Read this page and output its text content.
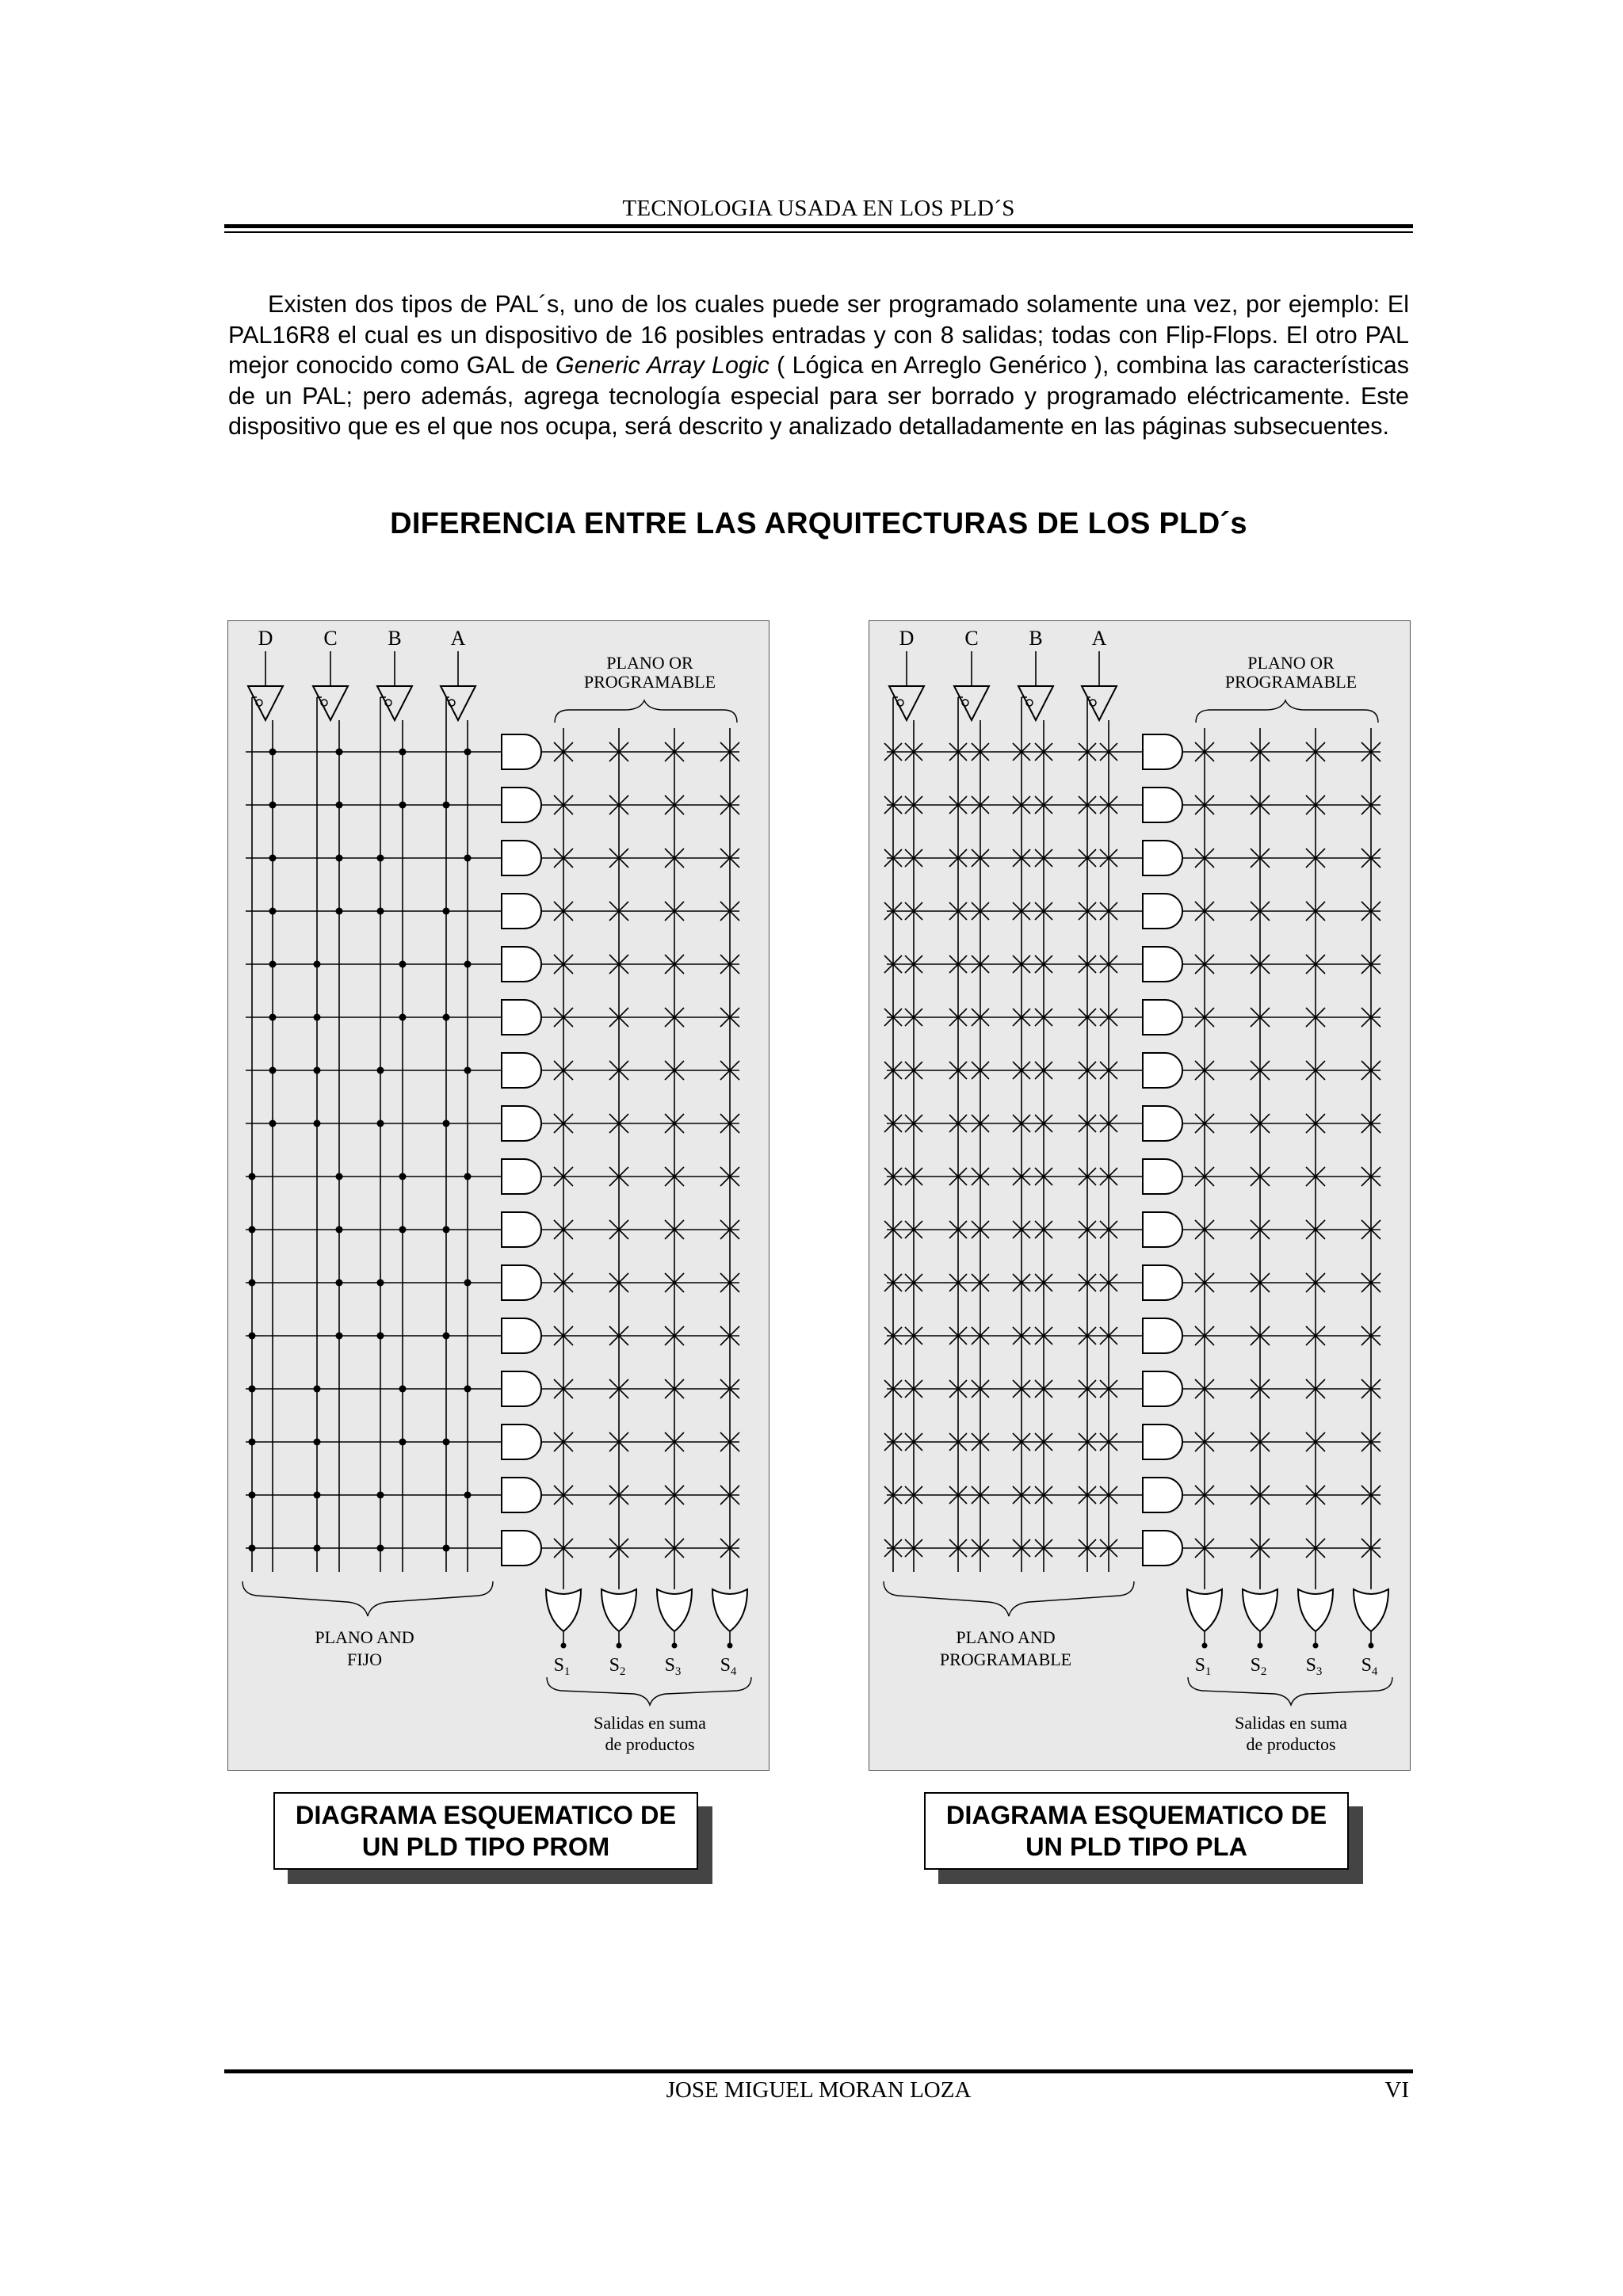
TECNOLOGIA USADA EN LOS PLD´S

Existen dos tipos de PAL´s, uno de los cuales puede ser programado solamente una vez, por ejemplo: El PAL16R8 el cual es un dispositivo de 16 posibles entradas y con 8 salidas; todas con Flip-Flops. El otro PAL mejor conocido como GAL de Generic Array Logic ( Lógica en Arreglo Genérico ), combina las características de un PAL; pero además, agrega tecnología especial para ser borrado y programado eléctricamente. Este dispositivo que es el que nos ocupa, será descrito y analizado detalladamente en las páginas subsecuentes.

DIFERENCIA ENTRE LAS ARQUITECTURAS DE LOS PLD´s
D C B A
$S_1$ $S_2$ $S_3$ $S_4$
PLANO OR
PROGRAMABLE
PLANO AND
FIJO
Salidas en suma
de productos
D C B A
$S_1$ $S_2$ $S_3$ $S_4$
PLANO OR
PROGRAMABLE
PLANO AND
PROGRAMABLE
Salidas en suma
de productos
DIAGRAMA ESQUEMATICO DE
UN PLD TIPO PROM
DIAGRAMA ESQUEMATICO DE
UN PLD TIPO PLA
JOSE MIGUEL MORAN LOZA	VI
